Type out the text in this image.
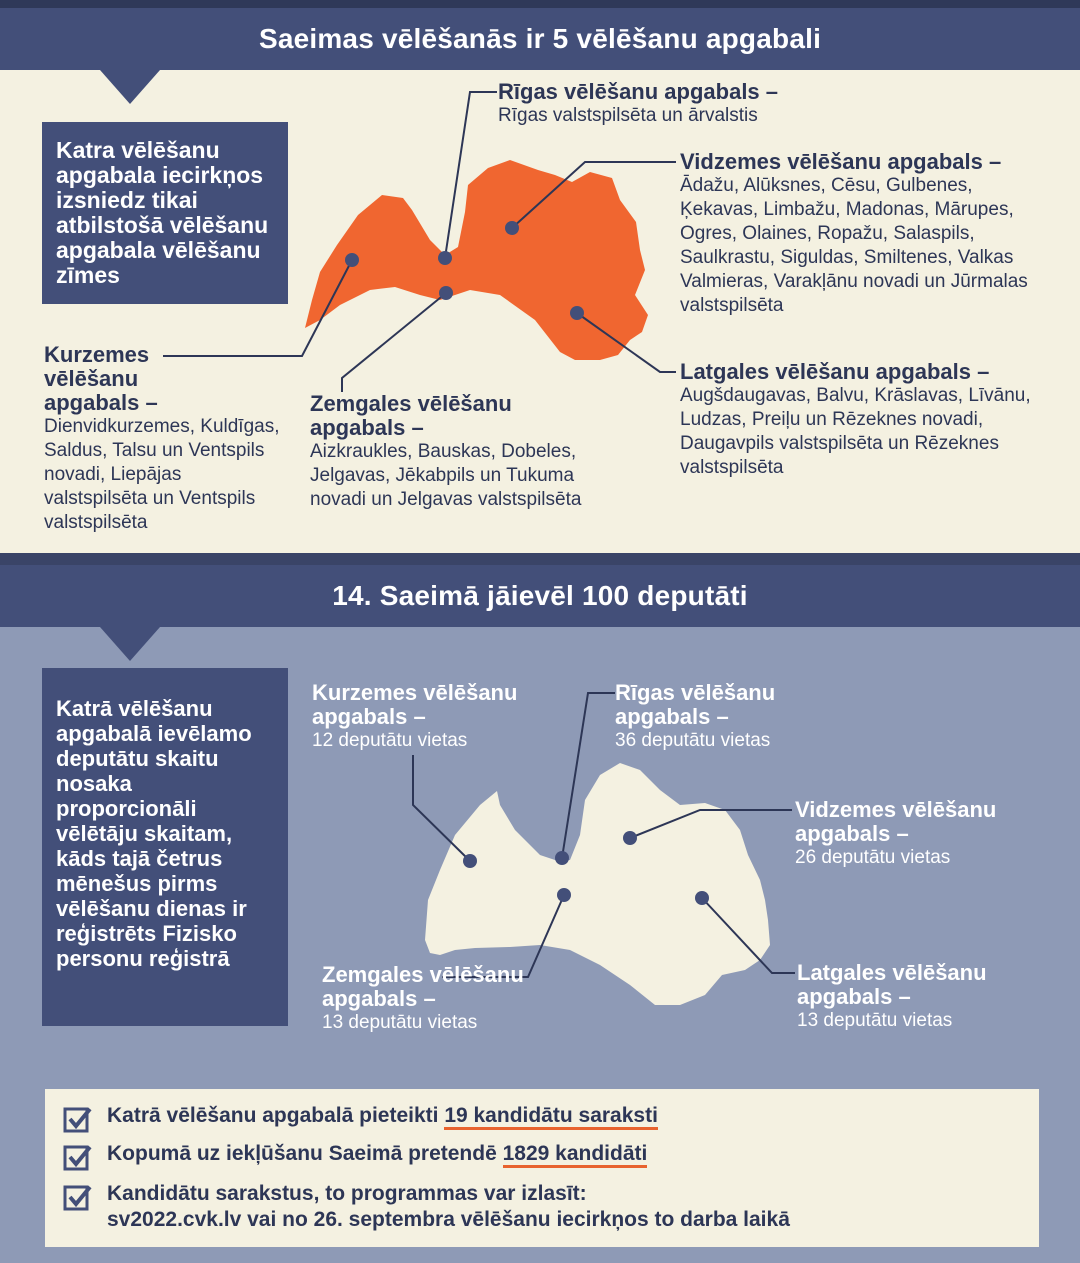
Saeimas vēlēšanās ir 5 vēlēšanu apgabali
Katra vēlēšanu apgabala iecirkņos izsniedz tikai atbilstošā vēlēšanu apgabala vēlēšanu zīmes
Rīgas vēlēšanu apgabals –
Rīgas valstspilsēta un ārvalstis
Vidzemes vēlēšanu apgabals –
Ādažu, Alūksnes, Cēsu, Gulbenes, Ķekavas, Limbažu, Madonas, Mārupes, Ogres, Olaines, Ropažu, Salaspils, Saulkrastu, Siguldas, Smiltenes, Valkas Valmieras, Varakļānu novadi un Jūrmalas valstspilsēta
Kurzemes vēlēšanu apgabals –
Dienvidkurzemes, Kuldīgas, Saldus, Talsu un Ventspils novadi, Liepājas valstspilsēta un Ventspils valstspilsēta
Zemgales vēlēšanu apgabals –
Aizkraukles, Bauskas, Dobeles, Jelgavas, Jēkabpils un Tukuma novadi un Jelgavas valstspilsēta
Latgales vēlēšanu apgabals –
Augšdaugavas, Balvu, Krāslavas, Līvānu, Ludzas, Preiļu un Rēzeknes novadi, Daugavpils valstspilsēta un Rēzeknes valstspilsēta
14. Saeimā jāievēl 100 deputāti
Katrā vēlēšanu apgabalā ievēlamo deputātu skaitu nosaka proporcionāli vēlētāju skaitam, kāds tajā četrus mēnešus pirms vēlēšanu dienas ir reģistrēts Fizisko personu reģistrā
Kurzemes vēlēšanu apgabals –
12 deputātu vietas
Rīgas vēlēšanu apgabals –
36 deputātu vietas
Vidzemes vēlēšanu apgabals –
26 deputātu vietas
Zemgales vēlēšanu apgabals –
13 deputātu vietas
Latgales vēlēšanu apgabals –
13 deputātu vietas
Katrā vēlēšanu apgabalā pieteikti 19 kandidātu saraksti
Kopumā uz iekļūšanu Saeimā pretendē 1829 kandidāti
Kandidātu sarakstus, to programmas var izlasīt:
sv2022.cvk.lv vai no 26. septembra vēlēšanu iecirkņos to darba laikā
